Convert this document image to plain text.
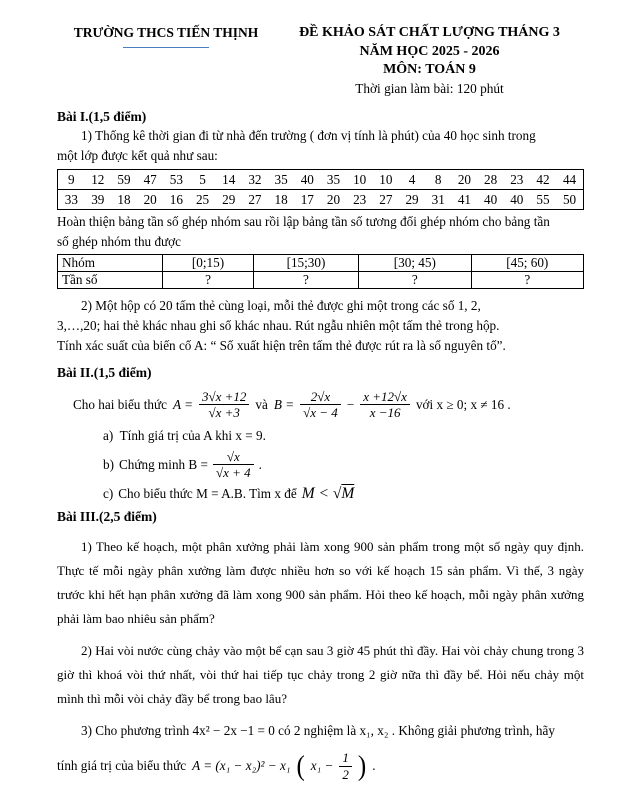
TRƯỜNG THCS TIẾN THỊNH	ĐỀ KHẢO SÁT CHẤT LƯỢNG THÁNG 3
NĂM HỌC 2025 - 2026
MÔN: TOÁN 9
Thời gian làm bài: 120 phút
Bài I.(1,5 điểm)
1) Thống kê thời gian đi từ nhà đến trường ( đơn vị tính là phút) của 40 học sinh trong
một lớp được kết quả như sau:
9	12	59	47	53	5	14	32	35	40	35	10	10	4	8	20	28	23	42	44
33	39	18	20	16	25	29	27	18	17	20	23	27	29	31	41	40	40	55	50
Hoàn thiện bảng tần số ghép nhóm sau rồi lập bảng tần số tương đối ghép nhóm cho bảng tần
số ghép nhóm thu được
Nhóm	[0;15)	[15;30)	[30; 45)	[45; 60)
Tần số	?	?	?	?
2) Một hộp có 20 tấm thẻ cùng loại, mỗi thẻ được ghi một trong các số 1, 2,
3,…,20; hai thẻ khác nhau ghi số khác nhau. Rút ngẫu nhiên một tấm thẻ trong hộp.
Tính xác suất của biến cố A: “ Số xuất hiện trên tấm thẻ được rút ra là số nguyên tố”.
Bài II.(1,5 điểm)
Cho hai biểu thức $A = \frac{3√x +12}{√x +3}$ và $B = \frac{2√x}{√x - 4} - \frac{x +12√x}{x -16}$ với x ≥ 0; x ≠ 16 .
a) Tính giá trị của A khi x = 9.
b) Chứng minh $B = \frac{√x}{√x + 4}$ .
c) Cho biểu thức M = A.B. Tìm x để M < √M
Bài III.(2,5 điểm)
1) Theo kế hoạch, một phân xưởng phải làm xong 900 sản phẩm trong một số ngày quy định. Thực tế mỗi ngày phân xưởng làm được nhiều hơn so với kế hoạch 15 sản phẩm. Vì thế, 3 ngày trước khi hết hạn phân xưởng đã làm xong 900 sản phẩm. Hỏi theo kế hoạch, mỗi ngày phân xưởng phải làm bao nhiêu sản phẩm?
2) Hai vòi nước cùng chảy vào một bể cạn sau 3 giờ 45 phút thì đầy. Hai vòi chảy chung trong 3 giờ thì khoá vòi thứ nhất, vòi thứ hai tiếp tục chảy trong 2 giờ nữa thì đầy bể. Hỏi nếu chảy một mình thì mỗi vòi chảy đầy bể trong bao lâu?
3) Cho phương trình 4x² − 2x −1 = 0 có 2 nghiệm là x₁, x₂ . Không giải phương trình, hãy
tính giá trị của biểu thức A = (x₁ − x₂)² − x₁ ( $x_1 - \frac{1}{2}$ ) .
